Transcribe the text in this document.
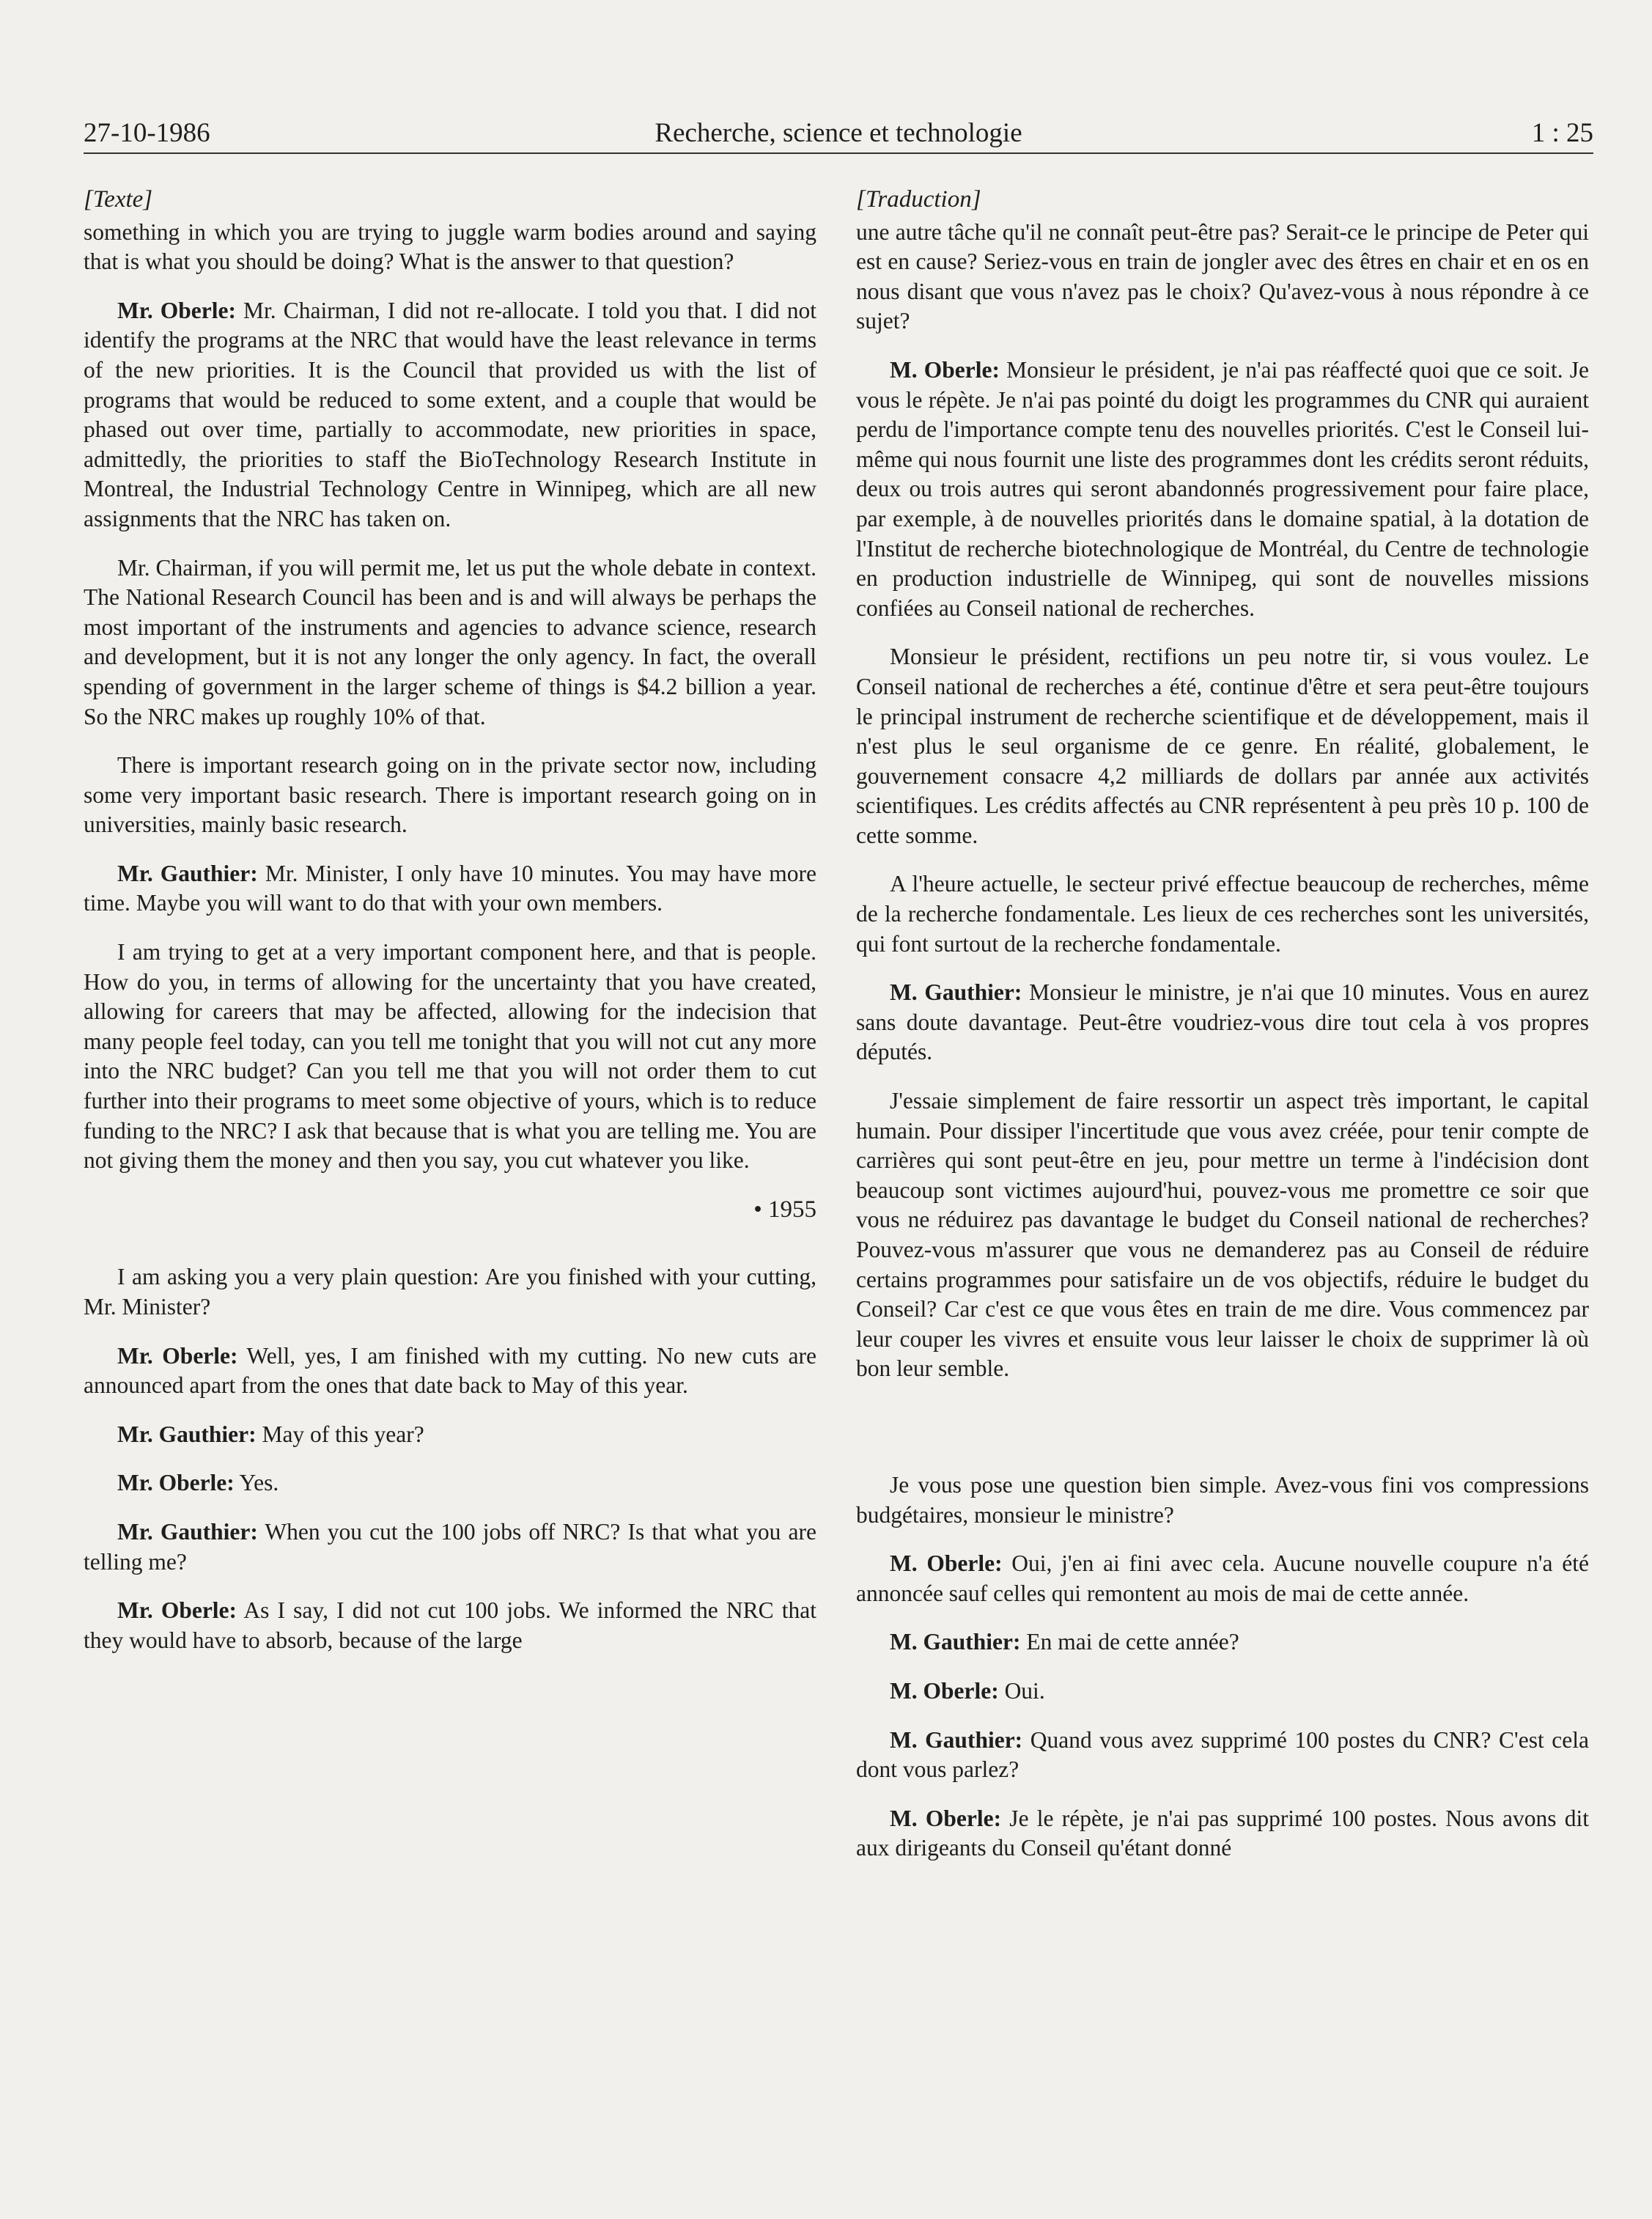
27-10-1986	Recherche, science et technologie	1 : 25
[Texte]

something in which you are trying to juggle warm bodies around and saying that is what you should be doing? What is the answer to that question?

Mr. Oberle: Mr. Chairman, I did not re-allocate. I told you that. I did not identify the programs at the NRC that would have the least relevance in terms of the new priorities. It is the Council that provided us with the list of programs that would be reduced to some extent, and a couple that would be phased out over time, partially to accommodate, new priorities in space, admittedly, the priorities to staff the BioTechnology Research Institute in Montreal, the Industrial Technology Centre in Winnipeg, which are all new assignments that the NRC has taken on.

Mr. Chairman, if you will permit me, let us put the whole debate in context. The National Research Council has been and is and will always be perhaps the most important of the instruments and agencies to advance science, research and development, but it is not any longer the only agency. In fact, the overall spending of government in the larger scheme of things is $4.2 billion a year. So the NRC makes up roughly 10% of that.

There is important research going on in the private sector now, including some very important basic research. There is important research going on in universities, mainly basic research.

Mr. Gauthier: Mr. Minister, I only have 10 minutes. You may have more time. Maybe you will want to do that with your own members.

I am trying to get at a very important component here, and that is people. How do you, in terms of allowing for the uncertainty that you have created, allowing for careers that may be affected, allowing for the indecision that many people feel today, can you tell me tonight that you will not cut any more into the NRC budget? Can you tell me that you will not order them to cut further into their programs to meet some objective of yours, which is to reduce funding to the NRC? I ask that because that is what you are telling me. You are not giving them the money and then you say, you cut whatever you like.

• 1955

I am asking you a very plain question: Are you finished with your cutting, Mr. Minister?

Mr. Oberle: Well, yes, I am finished with my cutting. No new cuts are announced apart from the ones that date back to May of this year.

Mr. Gauthier: May of this year?

Mr. Oberle: Yes.

Mr. Gauthier: When you cut the 100 jobs off NRC? Is that what you are telling me?

Mr. Oberle: As I say, I did not cut 100 jobs. We informed the NRC that they would have to absorb, because of the large

[Traduction]

une autre tâche qu'il ne connaît peut-être pas? Serait-ce le principe de Peter qui est en cause? Seriez-vous en train de jongler avec des êtres en chair et en os en nous disant que vous n'avez pas le choix? Qu'avez-vous à nous répondre à ce sujet?

M. Oberle: Monsieur le président, je n'ai pas réaffecté quoi que ce soit. Je vous le répète. Je n'ai pas pointé du doigt les programmes du CNR qui auraient perdu de l'importance compte tenu des nouvelles priorités. C'est le Conseil lui-même qui nous fournit une liste des programmes dont les crédits seront réduits, deux ou trois autres qui seront abandonnés progressivement pour faire place, par exemple, à de nouvelles priorités dans le domaine spatial, à la dotation de l'Institut de recherche biotechnologique de Montréal, du Centre de technologie en production industrielle de Winnipeg, qui sont de nouvelles missions confiées au Conseil national de recherches.

Monsieur le président, rectifions un peu notre tir, si vous voulez. Le Conseil national de recherches a été, continue d'être et sera peut-être toujours le principal instrument de recherche scientifique et de développement, mais il n'est plus le seul organisme de ce genre. En réalité, globalement, le gouvernement consacre 4,2 milliards de dollars par année aux activités scientifiques. Les crédits affectés au CNR représentent à peu près 10 p. 100 de cette somme.

A l'heure actuelle, le secteur privé effectue beaucoup de recherches, même de la recherche fondamentale. Les lieux de ces recherches sont les universités, qui font surtout de la recherche fondamentale.

M. Gauthier: Monsieur le ministre, je n'ai que 10 minutes. Vous en aurez sans doute davantage. Peut-être voudriez-vous dire tout cela à vos propres députés.

J'essaie simplement de faire ressortir un aspect très important, le capital humain. Pour dissiper l'incertitude que vous avez créée, pour tenir compte de carrières qui sont peut-être en jeu, pour mettre un terme à l'indécision dont beaucoup sont victimes aujourd'hui, pouvez-vous me promettre ce soir que vous ne réduirez pas davantage le budget du Conseil national de recherches? Pouvez-vous m'assurer que vous ne demanderez pas au Conseil de réduire certains programmes pour satisfaire un de vos objectifs, réduire le budget du Conseil? Car c'est ce que vous êtes en train de me dire. Vous commencez par leur couper les vivres et ensuite vous leur laisser le choix de supprimer là où bon leur semble.

Je vous pose une question bien simple. Avez-vous fini vos compressions budgétaires, monsieur le ministre?

M. Oberle: Oui, j'en ai fini avec cela. Aucune nouvelle coupure n'a été annoncée sauf celles qui remontent au mois de mai de cette année.

M. Gauthier: En mai de cette année?

M. Oberle: Oui.

M. Gauthier: Quand vous avez supprimé 100 postes du CNR? C'est cela dont vous parlez?

M. Oberle: Je le répète, je n'ai pas supprimé 100 postes. Nous avons dit aux dirigeants du Conseil qu'étant donné
